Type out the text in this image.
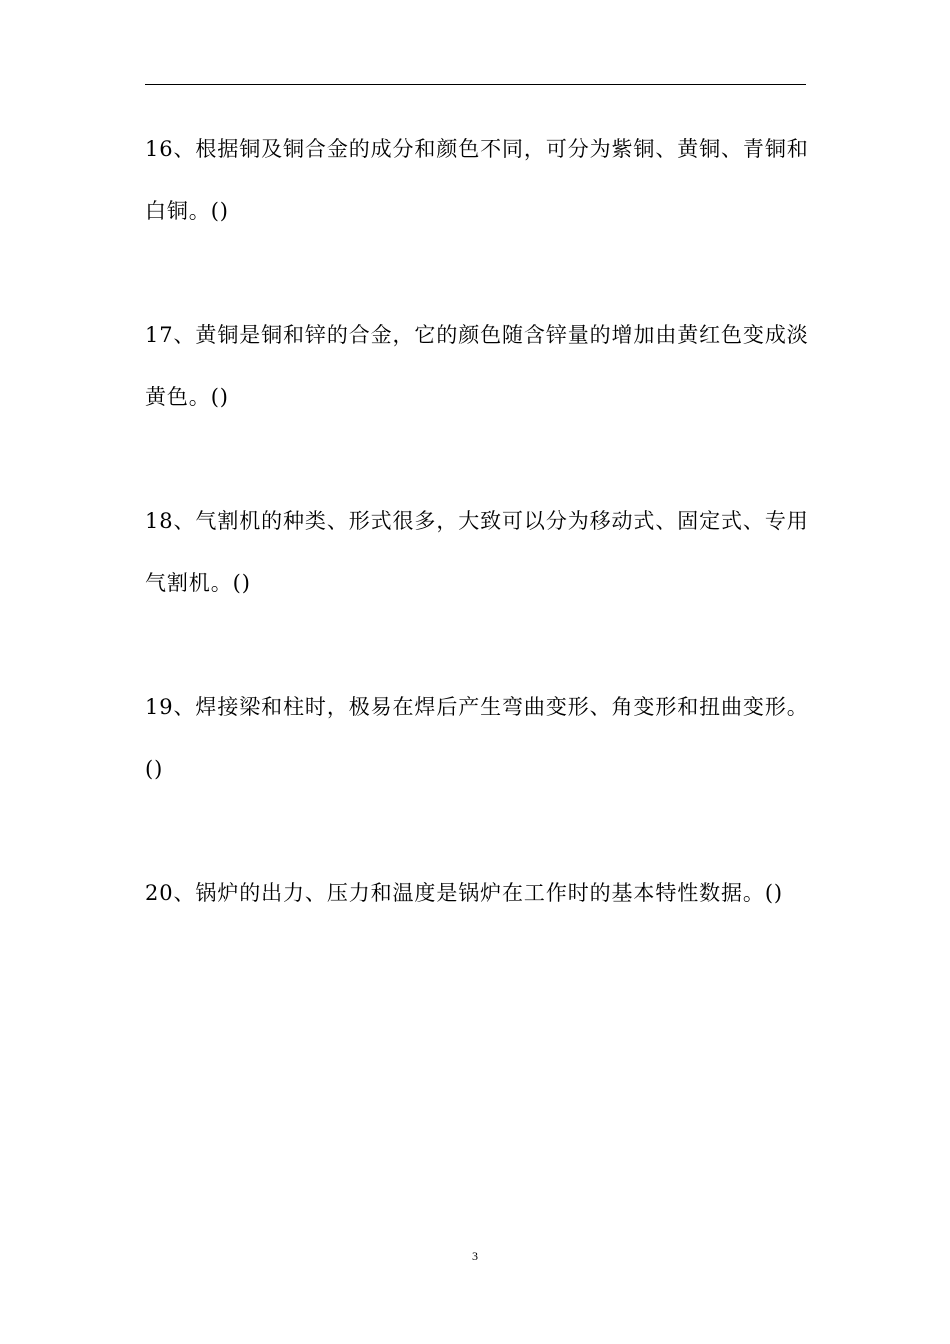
16、根据铜及铜合金的成分和颜色不同，可分为紫铜、黄铜、青铜和白铜。()

17、黄铜是铜和锌的合金，它的颜色随含锌量的增加由黄红色变成淡黄色。()

18、气割机的种类、形式很多，大致可以分为移动式、固定式、专用气割机。()

19、焊接梁和柱时，极易在焊后产生弯曲变形、角变形和扭曲变形。()

20、锅炉的出力、压力和温度是锅炉在工作时的基本特性数据。()

3
